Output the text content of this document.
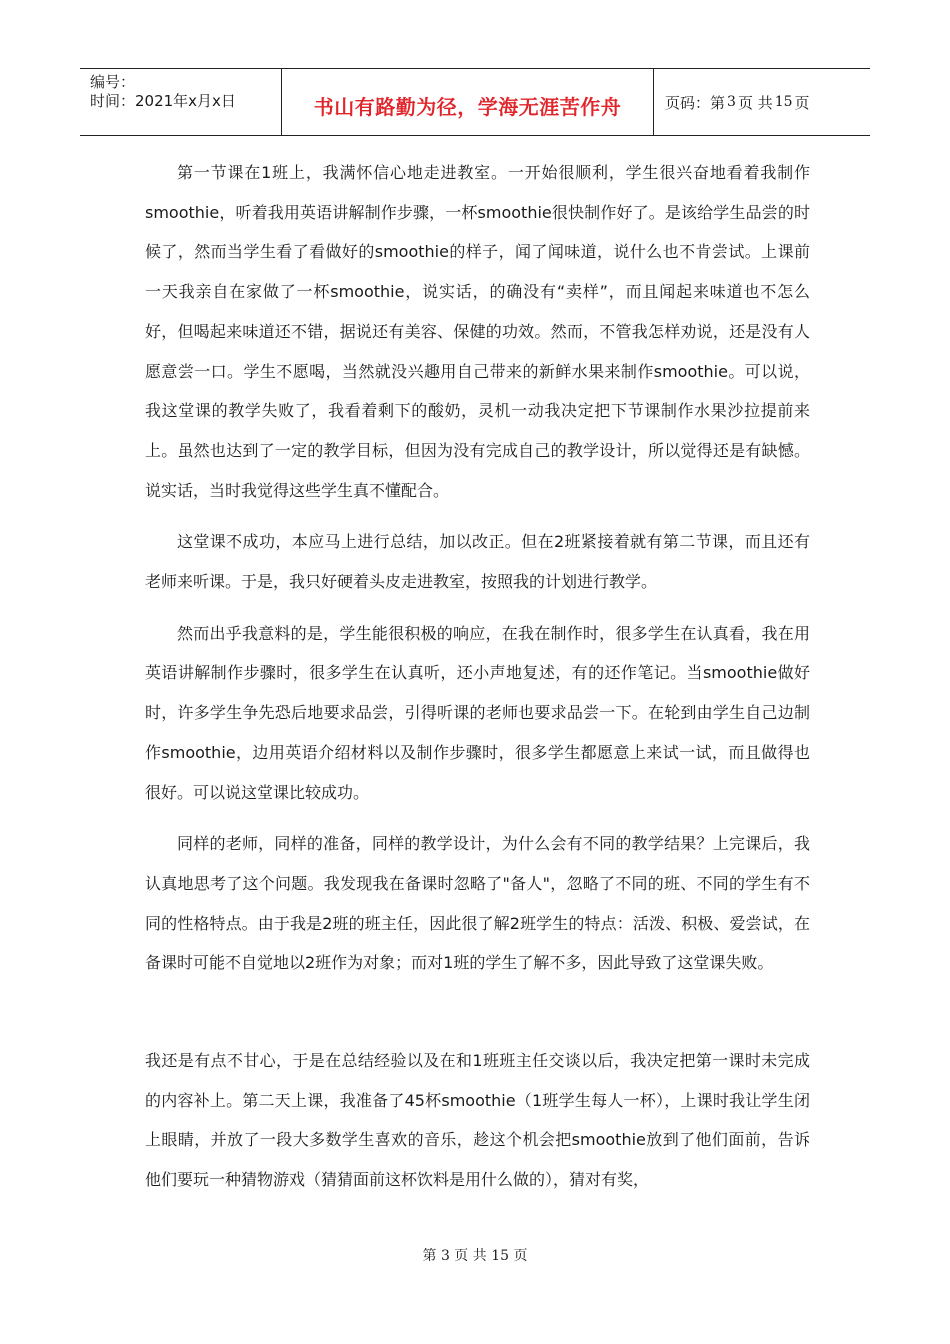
编号：
时间：2021年x月x日	书山有路勤为径，学海无涯苦作舟	页码：第 3 页 共 15 页

第一节课在1班上，我满怀信心地走进教室。一开始很顺利，学生很兴奋地看着我制作smoothie，听着我用英语讲解制作步骤，一杯smoothie很快制作好了。是该给学生品尝的时候了，然而当学生看了看做好的smoothie的样子，闻了闻味道，说什么也不肯尝试。上课前一天我亲自在家做了一杯smoothie，说实话，的确没有“卖样”，而且闻起来味道也不怎么好，但喝起来味道还不错，据说还有美容、保健的功效。然而，不管我怎样劝说，还是没有人愿意尝一口。学生不愿喝，当然就没兴趣用自己带来的新鲜水果来制作smoothie。可以说，我这堂课的教学失败了，我看着剩下的酸奶，灵机一动我决定把下节课制作水果沙拉提前来上。虽然也达到了一定的教学目标，但因为没有完成自己的教学设计，所以觉得还是有缺憾。说实话，当时我觉得这些学生真不懂配合。

这堂课不成功，本应马上进行总结，加以改正。但在2班紧接着就有第二节课，而且还有老师来听课。于是，我只好硬着头皮走进教室，按照我的计划进行教学。

然而出乎我意料的是，学生能很积极的响应，在我在制作时，很多学生在认真看，我在用英语讲解制作步骤时，很多学生在认真听，还小声地复述，有的还作笔记。当smoothie做好时，许多学生争先恐后地要求品尝，引得听课的老师也要求品尝一下。在轮到由学生自己边制作smoothie，边用英语介绍材料以及制作步骤时，很多学生都愿意上来试一试，而且做得也很好。可以说这堂课比较成功。

同样的老师，同样的准备，同样的教学设计，为什么会有不同的教学结果？上完课后，我认真地思考了这个问题。我发现我在备课时忽略了"备人"，忽略了不同的班、不同的学生有不同的性格特点。由于我是2班的班主任，因此很了解2班学生的特点：活泼、积极、爱尝试，在备课时可能不自觉地以2班作为对象；而对1班的学生了解不多，因此导致了这堂课失败。

我还是有点不甘心，于是在总结经验以及在和1班班主任交谈以后，我决定把第一课时未完成的内容补上。第二天上课，我准备了45杯smoothie（1班学生每人一杯），上课时我让学生闭上眼睛，并放了一段大多数学生喜欢的音乐，趁这个机会把smoothie放到了他们面前，告诉他们要玩一种猜物游戏（猜猜面前这杯饮料是用什么做的），猜对有奖，

第 3 页 共 15 页
